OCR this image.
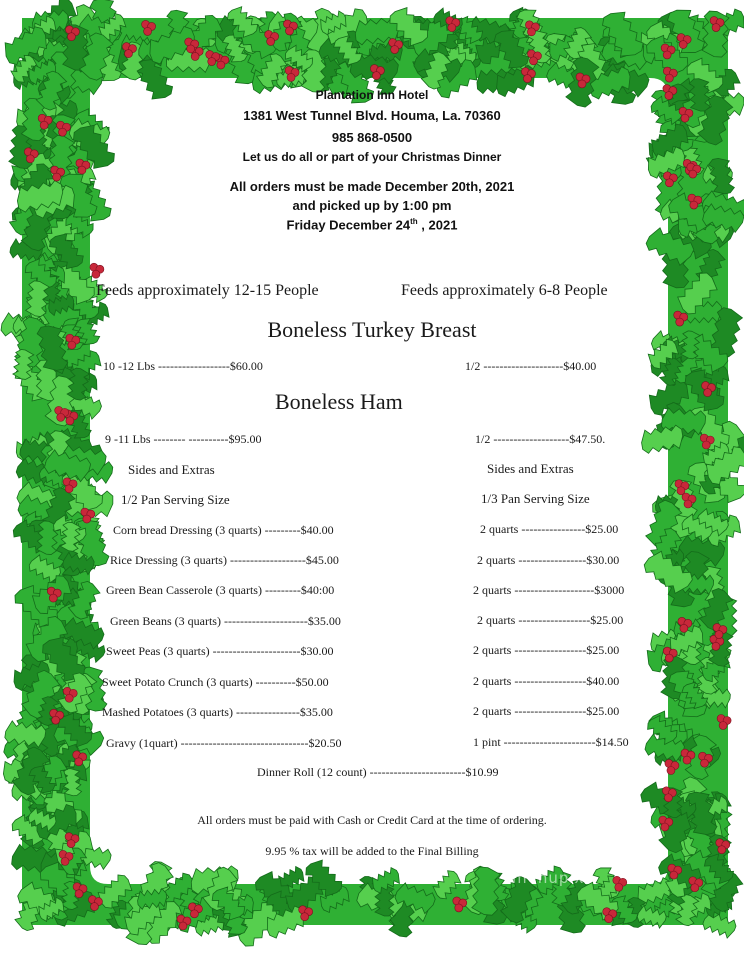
Plantation Inn Hotel
1381 West Tunnel Blvd. Houma, La. 70360
985 868-0500
Let us do all or part of your Christmas Dinner
All orders must be made December 20th, 2021
and picked up by 1:00 pm
Friday December 24th , 2021
Feeds approximately 12-15 People	Feeds approximately 6-8 People
Boneless Turkey Breast
10 -12 Lbs ------------------$60.00	1/2 --------------------$40.00
Boneless Ham
9 -11 Lbs -------- ----------$95.00	1/2 -------------------$47.50.
Sides and Extras	Sides and Extras
1/2 Pan Serving Size	1/3 Pan Serving Size
Corn bread Dressing (3 quarts) ---------$40.00	2 quarts ----------------$25.00
Rice Dressing (3 quarts) -------------------$45.00	2 quarts -----------------$30.00
Green Bean Casserole (3 quarts) ---------$40:00	2 quarts --------------------$3000
Green Beans (3 quarts) ---------------------$35.00	2 quarts ------------------$25.00
Sweet Peas (3 quarts) ----------------------$30.00	2 quarts ------------------$25.00
Sweet Potato Crunch (3 quarts) ----------$50.00	2 quarts ------------------$40.00
Mashed Potatoes (3 quarts) ----------------$35.00	2 quarts ------------------$25.00
Gravy (1quart) --------------------------------$20.50	1 pint -----------------------$14.50
Dinner Roll (12 count) ------------------------$10.99
All orders must be paid with Cash or Credit Card at the time of ordering.
9.95 % tax will be added to the Final Billing
menupix
